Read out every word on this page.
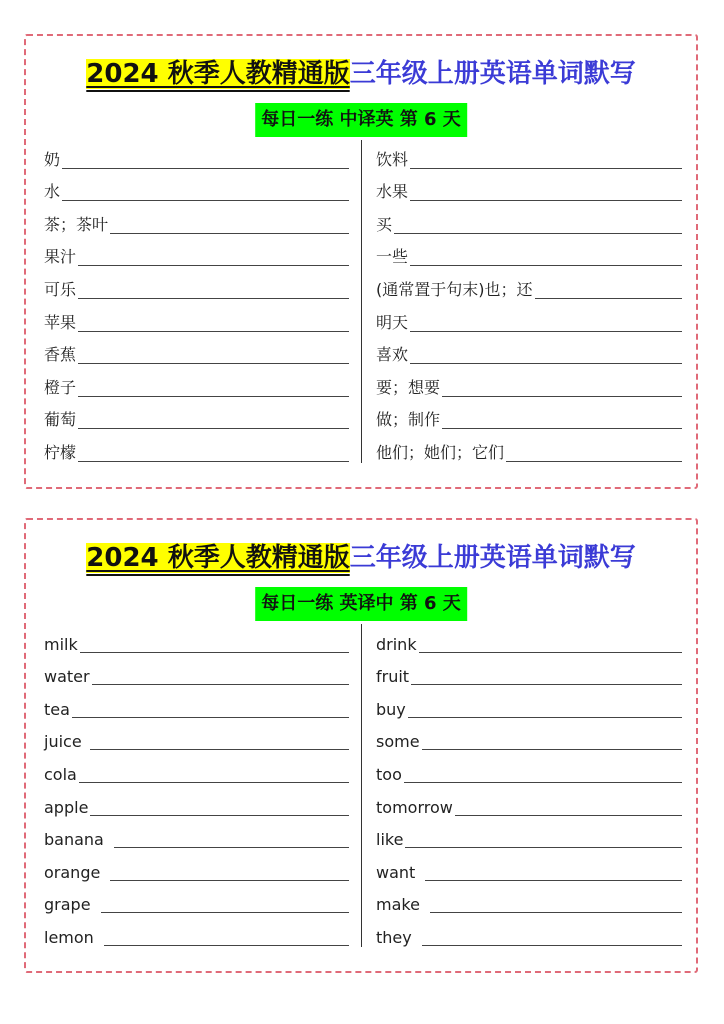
2024 秋季人教精通版三年级上册英语单词默写
每日一练 中译英 第 6 天
奶
水
茶；茶叶
果汁
可乐
苹果
香蕉
橙子
葡萄
柠檬
饮料
水果
买
一些
(通常置于句末)也；还
明天
喜欢
要；想要
做；制作
他们；她们；它们
2024 秋季人教精通版三年级上册英语单词默写
每日一练 英译中 第 6 天
milk
water
tea
juice
cola
apple
banana
orange
grape
lemon
drink
fruit
buy
some
too
tomorrow
like
want
make
they
